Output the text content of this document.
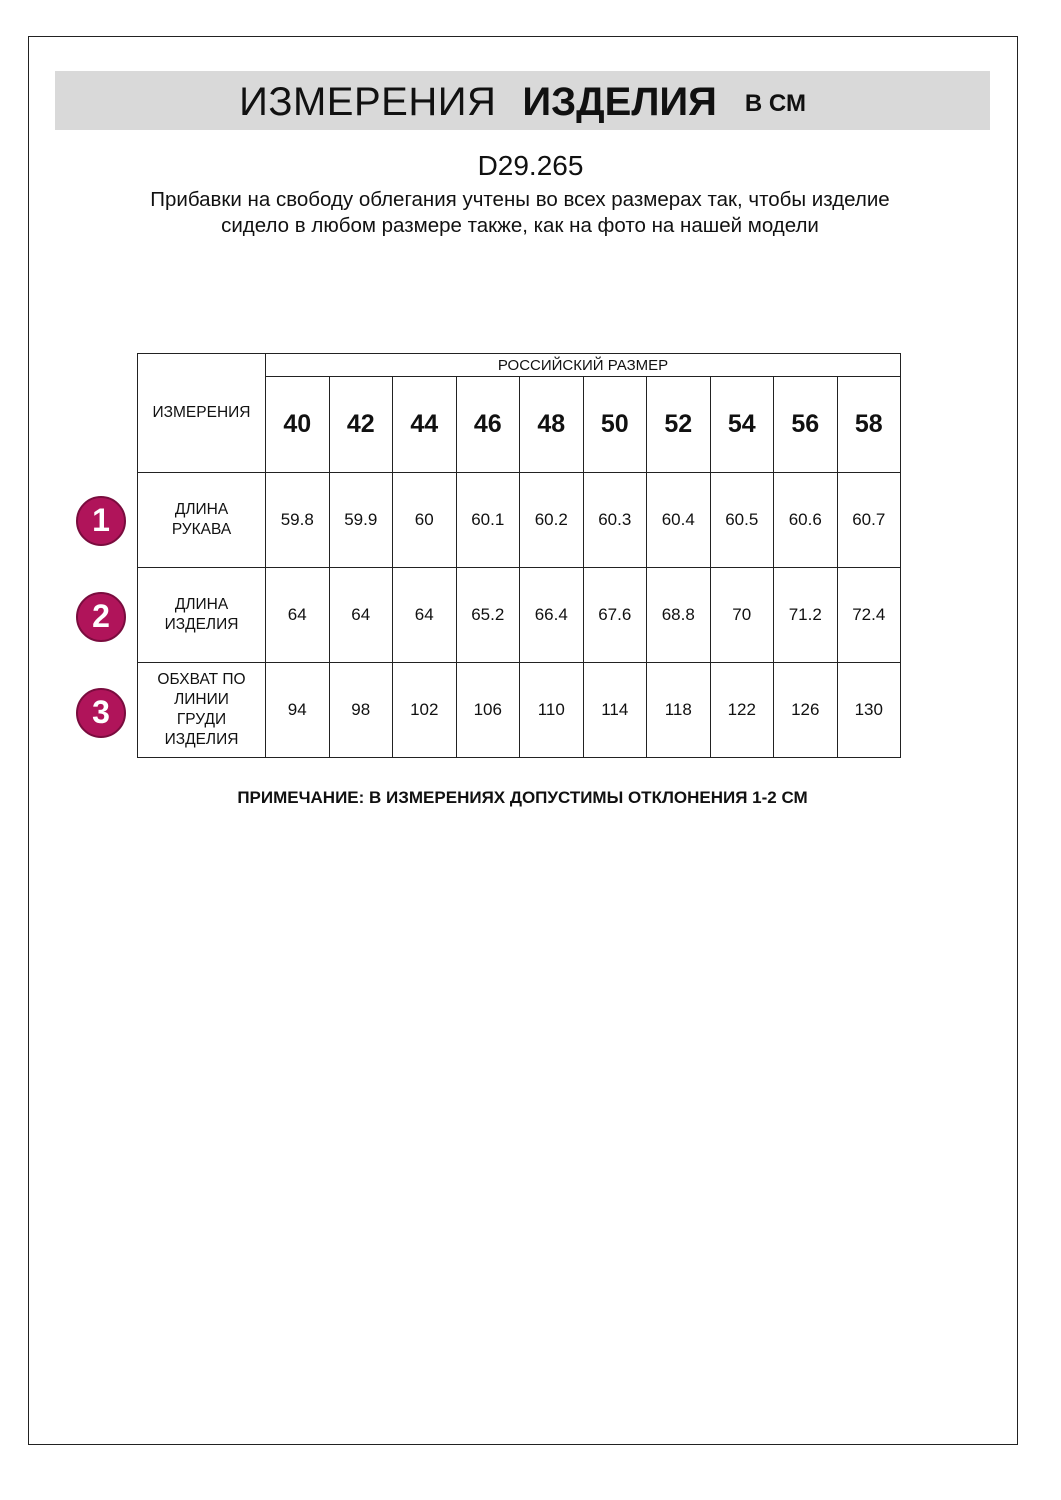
ИЗМЕРЕНИЯ ИЗДЕЛИЯ В СМ
D29.265
Прибавки на свободу облегания учтены во всех размерах так, чтобы изделие сидело в любом размере также, как на фото на нашей модели
ИЗМЕРЕНИЯ	РОССИЙСКИЙ РАЗМЕР									
	40	42	44	46	48	50	52	54	56	58
ДЛИНА РУКАВА	59.8	59.9	60	60.1	60.2	60.3	60.4	60.5	60.6	60.7
ДЛИНА ИЗДЕЛИЯ	64	64	64	65.2	66.4	67.6	68.8	70	71.2	72.4
ОБХВАТ ПО ЛИНИИ ГРУДИ ИЗДЕЛИЯ	94	98	102	106	110	114	118	122	126	130
1
2
3
ПРИМЕЧАНИЕ: В ИЗМЕРЕНИЯХ ДОПУСТИМЫ ОТКЛОНЕНИЯ 1-2 СМ
